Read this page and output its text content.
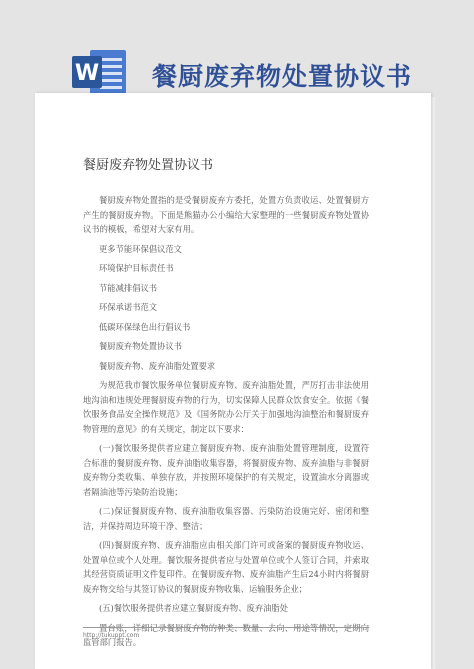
W 餐厨废弃物处置协议书
餐厨废弃物处置协议书

餐厨废弃物处置指的是受餐厨废弃方委托，处置方负责收运、处置餐厨方产生的餐厨废弃物。下面是熊猫办公小编给大家整理的一些餐厨废弃物处置协议书的模板，希望对大家有用。

更多节能环保倡议范文
环境保护目标责任书
节能减排倡议书
环保承诺书范文
低碳环保绿色出行倡议书
餐厨废弃物处置协议书
餐厨废弃物、废弃油脂处置要求

为规范我市餐饮服务单位餐厨废弃物、废弃油脂处置，严厉打击非法使用地沟油和违规处理餐厨废弃物的行为，切实保障人民群众饮食安全。依据《餐饮服务食品安全操作规范》及《国务院办公厅关于加强地沟油整治和餐厨废弃物管理的意见》的有关规定，制定以下要求：

(一)餐饮服务提供者应建立餐厨废弃物、废弃油脂处置管理制度，设置符合标准的餐厨废弃物、废弃油脂收集容器，将餐厨废弃物、废弃油脂与非餐厨废弃物分类收集、单独存放，并按照环境保护的有关规定，设置油水分离器或者隔油池等污染防治设施；

(二)保证餐厨废弃物、废弃油脂收集容器、污染防治设施完好、密闭和整洁，并保持周边环境干净、整洁；

(四)餐厨废弃物、废弃油脂应由相关部门许可或备案的餐厨废弃物收运、处置单位或个人处理。餐饮服务提供者应与处置单位或个人签订合同，并索取其经营资质证明文件复印件。在餐厨废弃物、废弃油脂产生后24小时内将餐厨废弃物交给与其签订协议的餐厨废弃物收集、运输服务企业；

(五)餐饮服务提供者应建立餐厨废弃物、废弃油脂处

置台账，详细记录餐厨废弃物的种类、数量、去向、用途等情况，定期向监管部门报告。

http://tukuppt.com
